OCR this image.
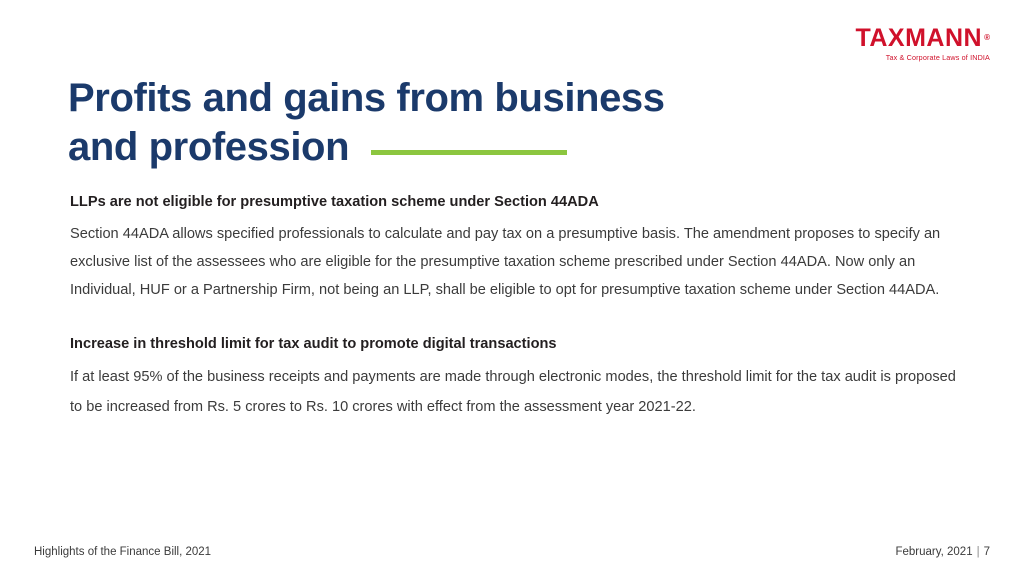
TAXMANN ®
Tax & Corporate Laws of INDIA
Profits and gains from business
and profession

LLPs are not eligible for presumptive taxation scheme under Section 44ADA

Section 44ADA allows specified professionals to calculate and pay tax on a presumptive basis. The amendment proposes to specify an exclusive list of the assessees who are eligible for the presumptive taxation scheme prescribed under Section 44ADA. Now only an Individual, HUF or a Partnership Firm, not being an LLP, shall be eligible to opt for presumptive taxation scheme under Section 44ADA.

Increase in threshold limit for tax audit to promote digital transactions

If at least 95% of the business receipts and payments are made through electronic modes, the threshold limit for the tax audit is proposed to be increased from Rs. 5 crores to Rs. 10 crores with effect from the assessment year 2021-22.

Highlights of the Finance Bill, 2021	February, 2021 | 7
